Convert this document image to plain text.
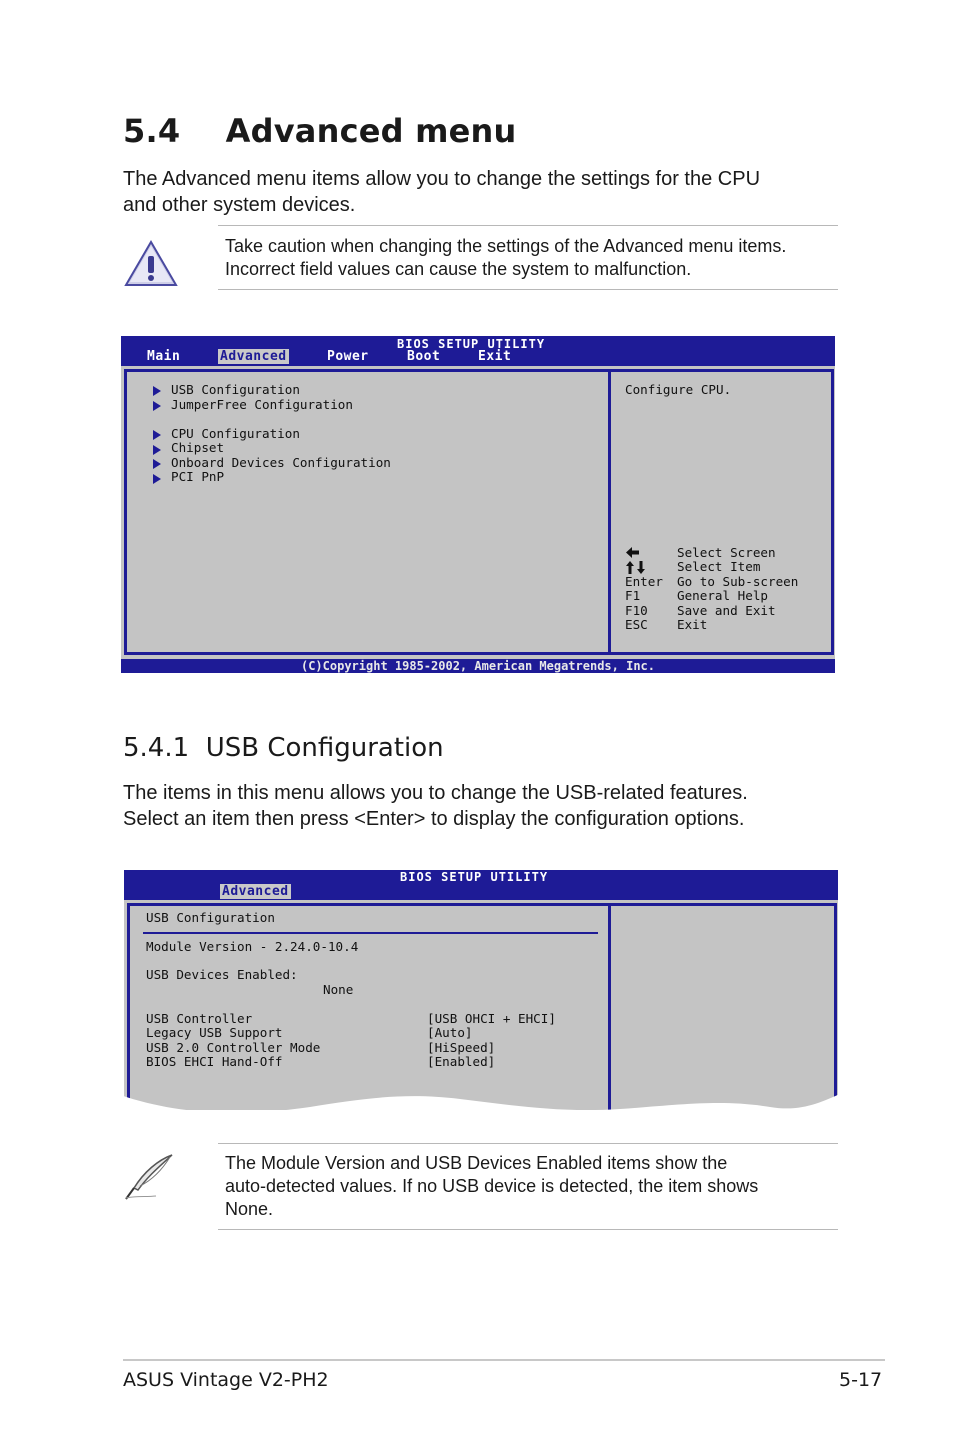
5.4 Advanced menu

The Advanced menu items allow you to change the settings for the CPU
and other system devices.

Take caution when changing the settings of the Advanced menu items.
Incorrect field values can cause the system to malfunction.
BIOS SETUP UTILITY
Main	Advanced	Power	Boot	Exit
USB Configuration
JumperFree Configuration
CPU Configuration
Chipset
Onboard Devices Configuration
PCI PnP
Configure CPU.
Select Screen
Select Item
Enter Go to Sub-screen
F1	General Help
F10 Save and Exit
ESC Exit
(C)Copyright 1985-2002, American Megatrends, Inc.
5.4.1 USB Configuration

The items in this menu allows you to change the USB-related features.
Select an item then press <Enter> to display the configuration options.

BIOS SETUP UTILITY
Advanced
USB Configuration
Module Version - 2.24.0-10.4
USB Devices Enabled:
None
USB Controller	[USB OHCI + EHCI]
Legacy USB Support	[Auto]
USB 2.0 Controller Mode	[HiSpeed]
BIOS EHCI Hand-Off	[Enabled]
The Module Version and USB Devices Enabled items show the
auto-detected values. If no USB device is detected, the item shows
None.
ASUS Vintage V2-PH2	5-17
